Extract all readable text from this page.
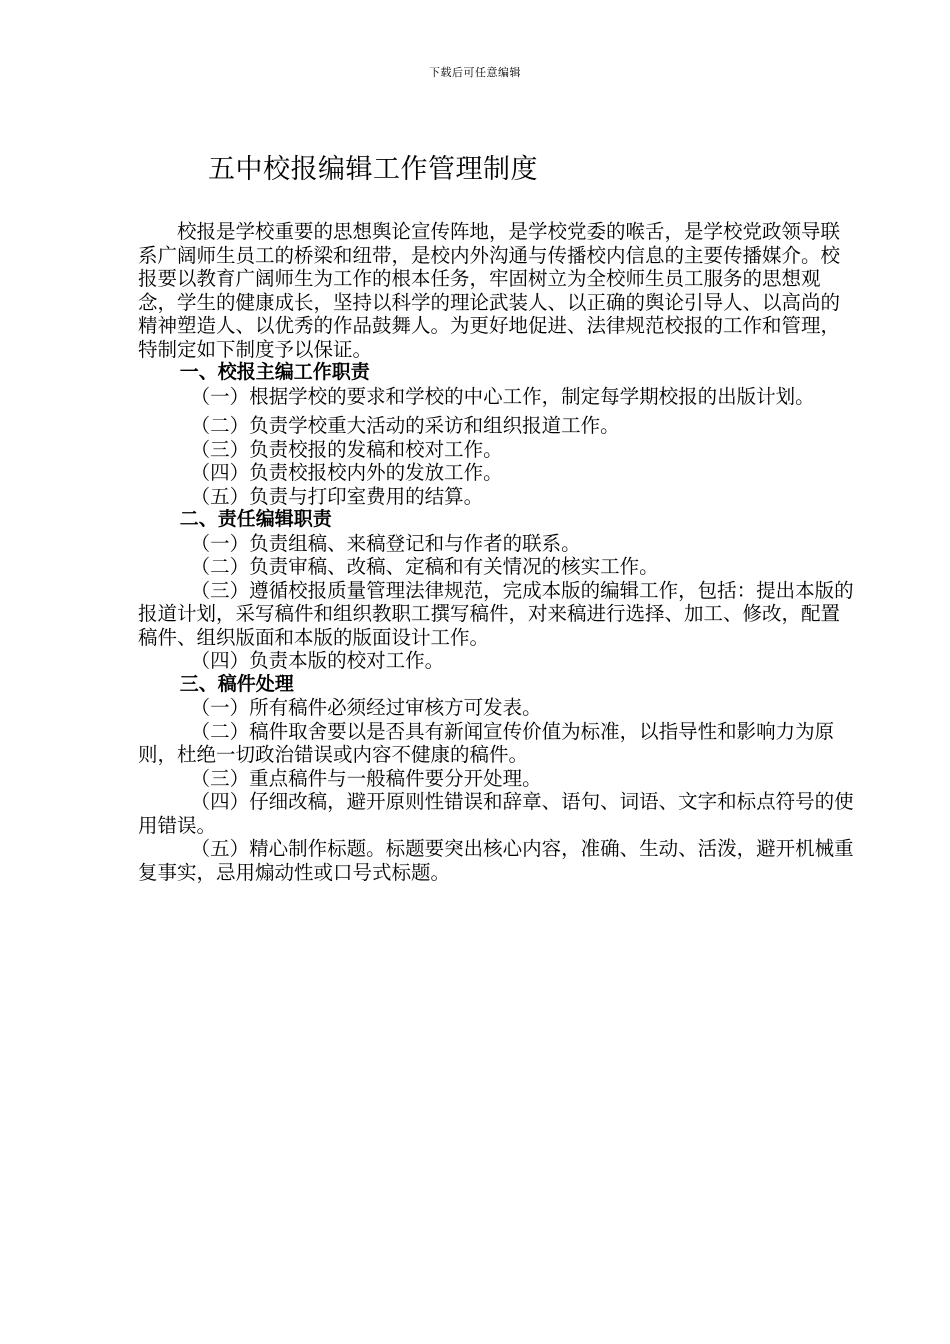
下载后可任意编辑
五中校报编辑工作管理制度

校报是学校重要的思想舆论宣传阵地，是学校党委的喉舌，是学校党政领导联系广阔师生员工的桥梁和纽带，是校内外沟通与传播校内信息的主要传播媒介。校报要以教育广阔师生为工作的根本任务，牢固树立为全校师生员工服务的思想观念，学生的健康成长，坚持以科学的理论武装人、以正确的舆论引导人、以高尚的精神塑造人、以优秀的作品鼓舞人。为更好地促进、法律规范校报的工作和管理，特制定如下制度予以保证。

一、校报主编工作职责

（一）根据学校的要求和学校的中心工作，制定每学期校报的出版计划。

（二）负责学校重大活动的采访和组织报道工作。

（三）负责校报的发稿和校对工作。

（四）负责校报校内外的发放工作。

（五）负责与打印室费用的结算。

二、责任编辑职责

（一）负责组稿、来稿登记和与作者的联系。

（二）负责审稿、改稿、定稿和有关情况的核实工作。

（三）遵循校报质量管理法律规范，完成本版的编辑工作，包括：提出本版的报道计划，采写稿件和组织教职工撰写稿件，对来稿进行选择、加工、修改，配置稿件、组织版面和本版的版面设计工作。

（四）负责本版的校对工作。

三、稿件处理

（一）所有稿件必须经过审核方可发表。

（二）稿件取舍要以是否具有新闻宣传价值为标准，以指导性和影响力为原则，杜绝一切政治错误或内容不健康的稿件。

（三）重点稿件与一般稿件要分开处理。

（四）仔细改稿，避开原则性错误和辞章、语句、词语、文字和标点符号的使用错误。

（五）精心制作标题。标题要突出核心内容，准确、生动、活泼，避开机械重复事实，忌用煽动性或口号式标题。
